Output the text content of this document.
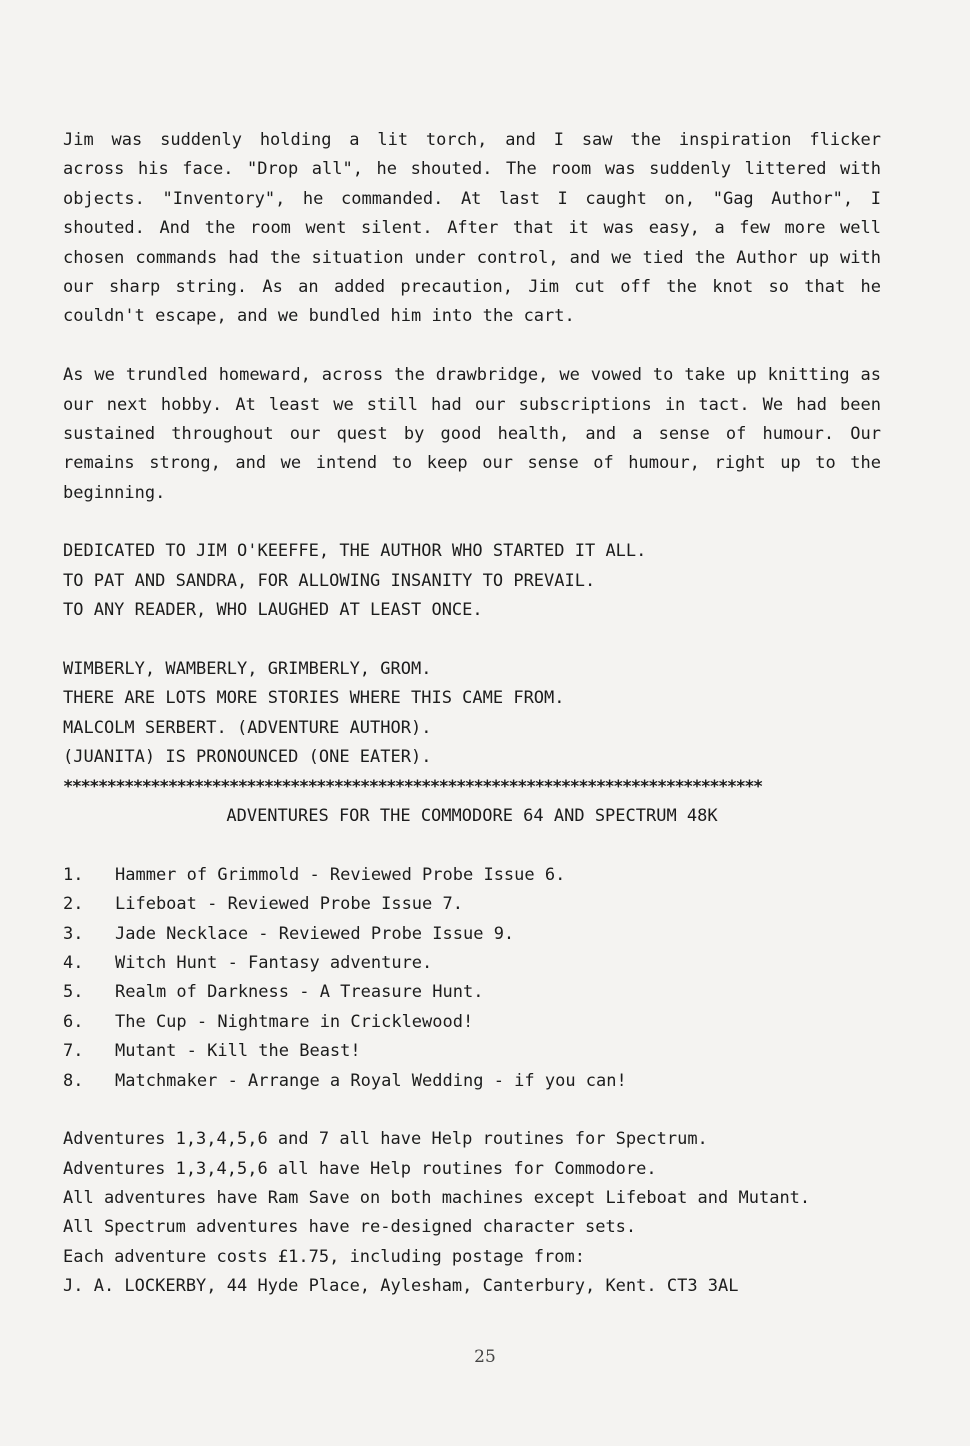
Jim was suddenly holding a lit torch, and I saw the inspiration flicker
across his face. "Drop all", he shouted. The room was suddenly littered with
objects. "Inventory", he commanded. At last I caught on, "Gag Author", I
shouted. And the room went silent. After that it was easy, a few more well
chosen commands had the situation under control, and we tied the Author up with
our sharp string. As an added precaution, Jim cut off the knot so that he
couldn't escape, and we bundled him into the cart.
As we trundled homeward, across the drawbridge, we vowed to take up knitting as
our next hobby. At least we still had our subscriptions in tact. We had been
sustained throughout our quest by good health, and a sense of humour. Our
remains strong, and we intend to keep our sense of humour, right up to the
beginning.
DEDICATED TO JIM O'KEEFFE, THE AUTHOR WHO STARTED IT ALL.
TO PAT AND SANDRA, FOR ALLOWING INSANITY TO PREVAIL.
TO ANY READER, WHO LAUGHED AT LEAST ONCE.
WIMBERLY, WAMBERLY, GRIMBERLY, GROM.
THERE ARE LOTS MORE STORIES WHERE THIS CAME FROM.
MALCOLM SERBERT. (ADVENTURE AUTHOR).
(JUANITA) IS PRONOUNCED (ONE EATER).
********************************************************************************
ADVENTURES FOR THE COMMODORE 64 AND SPECTRUM 48K
1.	Hammer of Grimmold - Reviewed Probe Issue 6.
2.	Lifeboat - Reviewed Probe Issue 7.
3.	Jade Necklace - Reviewed Probe Issue 9.
4.	Witch Hunt - Fantasy adventure.
5.	Realm of Darkness - A Treasure Hunt.
6.	The Cup - Nightmare in Cricklewood!
7.	Mutant - Kill the Beast!
8.	Matchmaker - Arrange a Royal Wedding - if you can!
Adventures 1,3,4,5,6 and 7 all have Help routines for Spectrum.
Adventures 1,3,4,5,6 all have Help routines for Commodore.
All adventures have Ram Save on both machines except Lifeboat and Mutant.
All Spectrum adventures have re-designed character sets.
Each adventure costs £1.75, including postage from:
J. A. LOCKERBY, 44 Hyde Place, Aylesham, Canterbury, Kent. CT3 3AL
25
